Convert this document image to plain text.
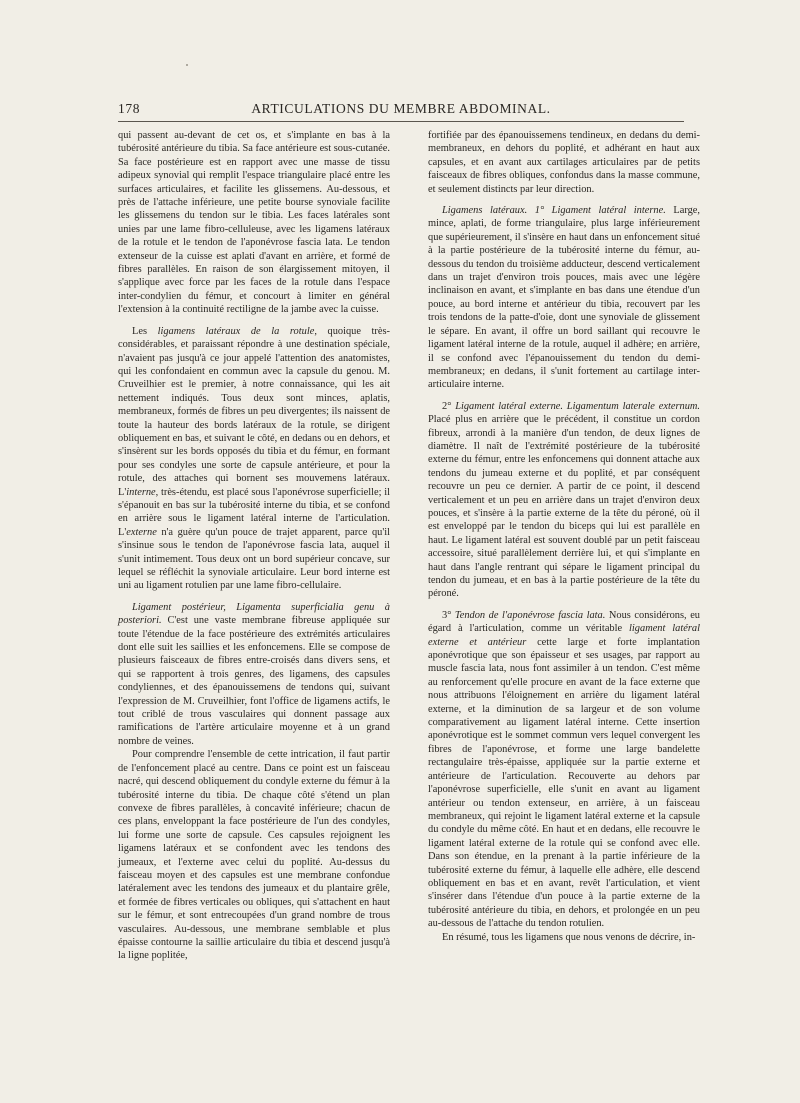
178	ARTICULATIONS DU MEMBRE ABDOMINAL.

qui passent au-devant de cet os, et s'implante en bas à la tubérosité antérieure du tibia. Sa face antérieure est sous-cutanée. Sa face postérieure est en rapport avec une masse de tissu adipeux synovial qui remplit l'espace triangulaire placé entre les surfaces articulaires, et facilite les glissemens. Au-dessous, et près de l'attache inférieure, une petite bourse synoviale facilite les glissemens du tendon sur le tibia. Les faces latérales sont unies par une lame fibro-celluleuse, avec les ligamens latéraux de la rotule et le tendon de l'aponévrose fascia lata. Le tendon extenseur de la cuisse est aplati d'avant en arrière, et formé de fibres parallèles. En raison de son élargissement mitoyen, il s'applique avec force par les faces de la rotule dans l'espace inter-condylien du fémur, et concourt à limiter en général l'extension à la continuité rectiligne de la jambe avec la cuisse.

Les ligamens latéraux de la rotule, quoique très-considérables, et paraissant répondre à une destination spéciale, n'avaient pas jusqu'à ce jour appelé l'attention des anatomistes, qui les confondaient en commun avec la capsule du genou. M. Cruveilhier est le premier, à notre connaissance, qui les ait nettement indiqués. Tous deux sont minces, aplatis, membraneux, formés de fibres un peu divergentes; ils naissent de toute la hauteur des bords latéraux de la rotule, se dirigent obliquement en bas, et suivant le côté, en dedans ou en dehors, et s'insèrent sur les bords opposés du tibia et du fémur, en formant pour ses condyles une sorte de capsule antérieure, et pour la rotule, des attaches qui bornent ses mouvemens latéraux. L'interne, très-étendu, est placé sous l'aponévrose superficielle; il s'épanouit en bas sur la tubérosité interne du tibia, et se confond en arrière sous le ligament latéral interne de l'articulation. L'externe n'a guère qu'un pouce de trajet apparent, parce qu'il s'insinue sous le tendon de l'aponévrose fascia lata, auquel il s'unit intimement. Tous deux ont un bord supérieur concave, sur lequel se réfléchit la synoviale articulaire. Leur bord interne est uni au ligament rotulien par une lame fibro-cellulaire.

Ligament postérieur, Ligamenta superficialia genu à posteriori. C'est une vaste membrane fibreuse appliquée sur toute l'étendue de la face postérieure des extrémités articulaires dont elle suit les saillies et les enfoncemens. Elle se compose de plusieurs faisceaux de fibres entre-croisés dans divers sens, et qui se rapportent à trois genres, des ligamens, des capsules condyliennes, et des épanouissemens de tendons qui, suivant l'expression de M. Cruveilhier, font l'office de ligamens actifs, le tout criblé de trous vasculaires qui donnent passage aux ramifications de l'artère articulaire moyenne et à un grand nombre de veines.

Pour comprendre l'ensemble de cette intrication, il faut partir de l'enfoncement placé au centre. Dans ce point est un faisceau nacré, qui descend obliquement du condyle externe du fémur à la tubérosité interne du tibia. De chaque côté s'étend un plan convexe de fibres parallèles, à concavité inférieure; chacun de ces plans, enveloppant la face postérieure de l'un des condyles, lui forme une sorte de capsule. Ces capsules rejoignent les ligamens latéraux et se confondent avec les tendons des jumeaux, et l'externe avec celui du poplité. Au-dessus du faisceau moyen et des capsules est une membrane confondue latéralement avec les tendons des jumeaux et du plantaire grêle, et formée de fibres verticales ou obliques, qui s'attachent en haut sur le fémur, et sont entrecoupées d'un grand nombre de trous vasculaires. Au-dessous, une membrane semblable et plus épaisse contourne la saillie articulaire du tibia et descend jusqu'à la ligne poplitée,

fortifiée par des épanouissemens tendineux, en dedans du demi-membraneux, en dehors du poplité, et adhérant en haut aux capsules, et en avant aux cartilages articulaires par de petits faisceaux de fibres obliques, confondus dans la masse commune, et seulement distincts par leur direction.

Ligamens latéraux. 1° Ligament latéral interne. Large, mince, aplati, de forme triangulaire, plus large inférieurement que supérieurement, il s'insère en haut dans un enfoncement situé à la partie postérieure de la tubérosité interne du fémur, au-dessous du tendon du troisième adducteur, descend verticalement dans un trajet d'environ trois pouces, mais avec une légère inclinaison en avant, et s'implante en bas dans une étendue d'un pouce, au bord interne et antérieur du tibia, recouvert par les trois tendons de la patte-d'oie, dont une synoviale de glissement le sépare. En avant, il offre un bord saillant qui recouvre le ligament latéral interne de la rotule, auquel il adhère; en arrière, il se confond avec l'épanouissement du tendon du demi-membraneux; en dedans, il s'unit fortement au cartilage inter-articulaire interne.

2° Ligament latéral externe. Ligamentum laterale externum. Placé plus en arrière que le précédent, il constitue un cordon fibreux, arrondi à la manière d'un tendon, de deux lignes de diamètre. Il naît de l'extrémité postérieure de la tubérosité externe du fémur, entre les enfoncemens qui donnent attache aux tendons du jumeau externe et du poplité, et par conséquent recouvre un peu ce dernier. A partir de ce point, il descend verticalement et un peu en arrière dans un trajet d'environ deux pouces, et s'insère à la partie externe de la tête du péroné, où il est enveloppé par le tendon du biceps qui lui est parallèle en haut. Le ligament latéral est souvent doublé par un petit faisceau accessoire, situé parallèlement derrière lui, et qui s'implante en haut dans l'angle rentrant qui sépare le ligament principal du tendon du jumeau, et en bas à la partie postérieure de la tête du péroné.

3° Tendon de l'aponévrose fascia lata. Nous considérons, eu égard à l'articulation, comme un véritable ligament latéral externe et antérieur cette large et forte implantation aponévrotique que son épaisseur et ses usages, par rapport au muscle fascia lata, nous font assimiler à un tendon. C'est même au renforcement qu'elle procure en avant de la face externe que nous attribuons l'éloignement en arrière du ligament latéral externe, et la diminution de sa largeur et de son volume comparativement au ligament latéral interne. Cette insertion aponévrotique est le sommet commun vers lequel convergent les fibres de l'aponévrose, et forme une large bandelette rectangulaire très-épaisse, appliquée sur la partie externe et antérieure de l'articulation. Recouverte au dehors par l'aponévrose superficielle, elle s'unit en avant au ligament antérieur ou tendon extenseur, en arrière, à un faisceau membraneux, qui rejoint le ligament latéral externe et la capsule du condyle du même côté. En haut et en dedans, elle recouvre le ligament latéral externe de la rotule qui se confond avec elle. Dans son étendue, en la prenant à la partie inférieure de la tubérosité externe du fémur, à laquelle elle adhère, elle descend obliquement en bas et en avant, revêt l'articulation, et vient s'insérer dans l'étendue d'un pouce à la partie externe de la tubérosité antérieure du tibia, en dehors, et prolongée en un peu au-dessous de l'attache du tendon rotulien.

En résumé, tous les ligamens que nous venons de décrire, in-
